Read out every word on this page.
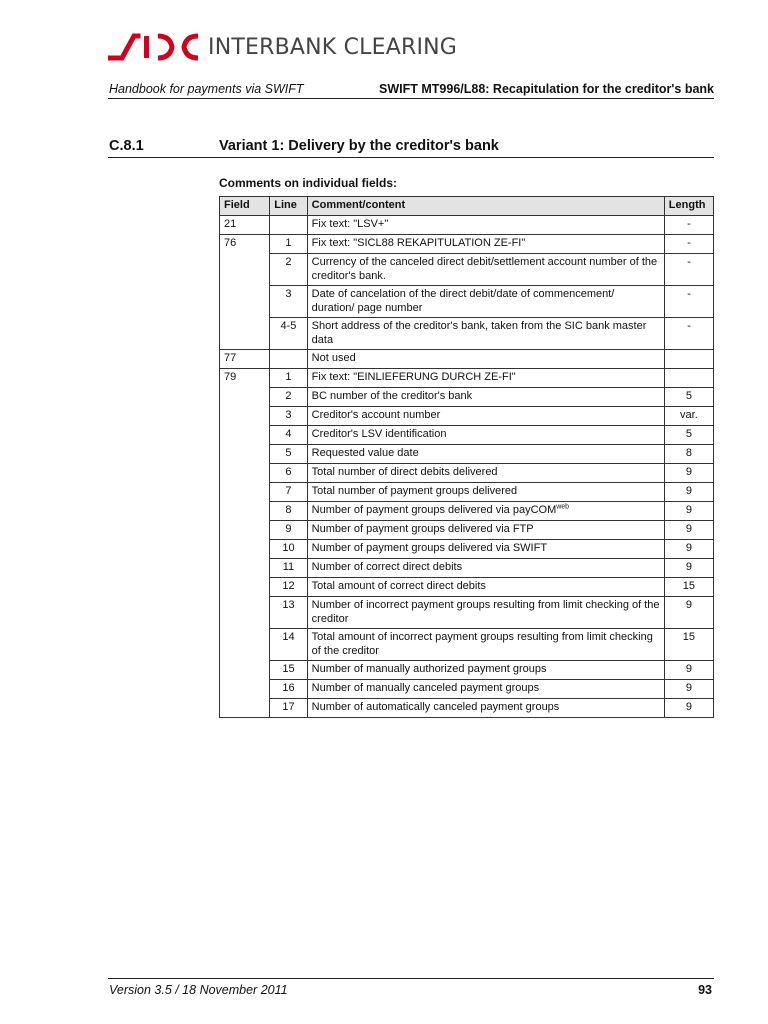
INTERBANK CLEARING
Handbook for payments via SWIFT	SWIFT MT996/L88: Recapitulation for the creditor's bank
C.8.1	Variant 1: Delivery by the creditor's bank
Comments on individual fields:
Field	Line	Comment/content	Length
21		Fix text: "LSV+"	-
76	1	Fix text: "SICL88 REKAPITULATION ZE-FI"	-
	2	Currency of the canceled direct debit/settlement account number of the creditor's bank.	-
	3	Date of cancelation of the direct debit/date of commencement/ duration/ page number	-
	4-5	Short address of the creditor's bank, taken from the SIC bank master data	-
77		Not used	
79	1	Fix text: "EINLIEFERUNG DURCH ZE-FI"	
	2	BC number of the creditor's bank	5
	3	Creditor's account number	var.
	4	Creditor's LSV identification	5
	5	Requested value date	8
	6	Total number of direct debits delivered	9
	7	Total number of payment groups delivered	9
	8	Number of payment groups delivered via payCOM$^{web}$	9
	9	Number of payment groups delivered via FTP	9
	10	Number of payment groups delivered via SWIFT	9
	11	Number of correct direct debits	9
	12	Total amount of correct direct debits	15
	13	Number of incorrect payment groups resulting from limit checking of the creditor	9
	14	Total amount of incorrect payment groups resulting from limit checking of the creditor	15
	15	Number of manually authorized payment groups	9
	16	Number of manually canceled payment groups	9
	17	Number of automatically canceled payment groups	9
Version 3.5 / 18 November 2011	93
